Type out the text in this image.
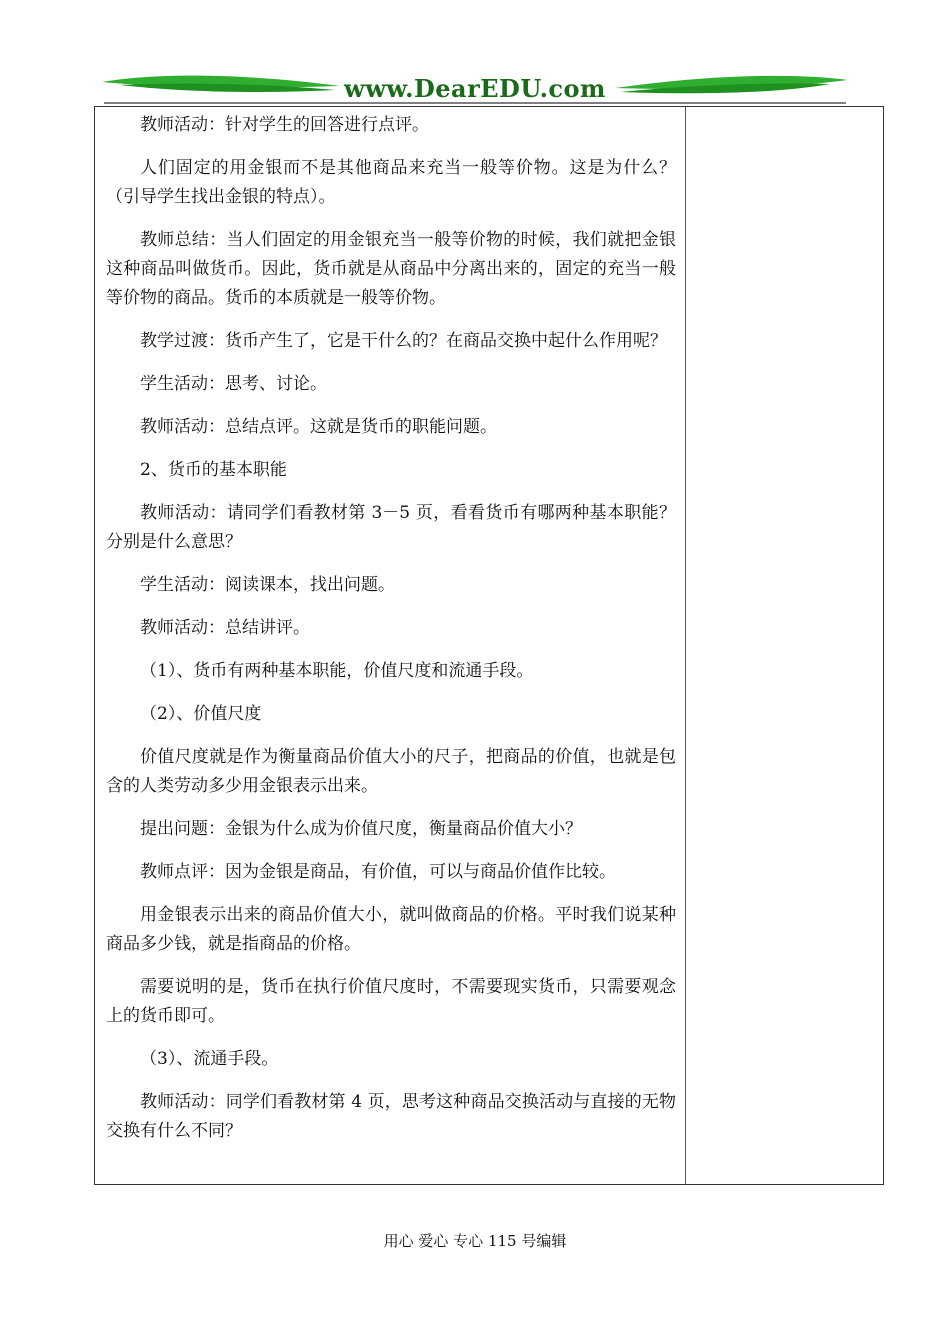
www.DearEDU.com

教师活动：针对学生的回答进行点评。

人们固定的用金银而不是其他商品来充当一般等价物。这是为什么？（引导学生找出金银的特点）。

教师总结：当人们固定的用金银充当一般等价物的时候，我们就把金银这种商品叫做货币。因此，货币就是从商品中分离出来的，固定的充当一般等价物的商品。货币的本质就是一般等价物。

教学过渡：货币产生了，它是干什么的？在商品交换中起什么作用呢？

学生活动：思考、讨论。

教师活动：总结点评。这就是货币的职能问题。

2、货币的基本职能

教师活动：请同学们看教材第 3－5 页，看看货币有哪两种基本职能？分别是什么意思？

学生活动：阅读课本，找出问题。

教师活动：总结讲评。

（1）、货币有两种基本职能，价值尺度和流通手段。

（2）、价值尺度

价值尺度就是作为衡量商品价值大小的尺子，把商品的价值，也就是包含的人类劳动多少用金银表示出来。

提出问题：金银为什么成为价值尺度，衡量商品价值大小？

教师点评：因为金银是商品，有价值，可以与商品价值作比较。

用金银表示出来的商品价值大小，就叫做商品的价格。平时我们说某种商品多少钱，就是指商品的价格。

需要说明的是，货币在执行价值尺度时，不需要现实货币，只需要观念上的货币即可。

（3）、流通手段。

教师活动：同学们看教材第 4 页，思考这种商品交换活动与直接的无物交换有什么不同？

用心 爱心 专心 115 号编辑
